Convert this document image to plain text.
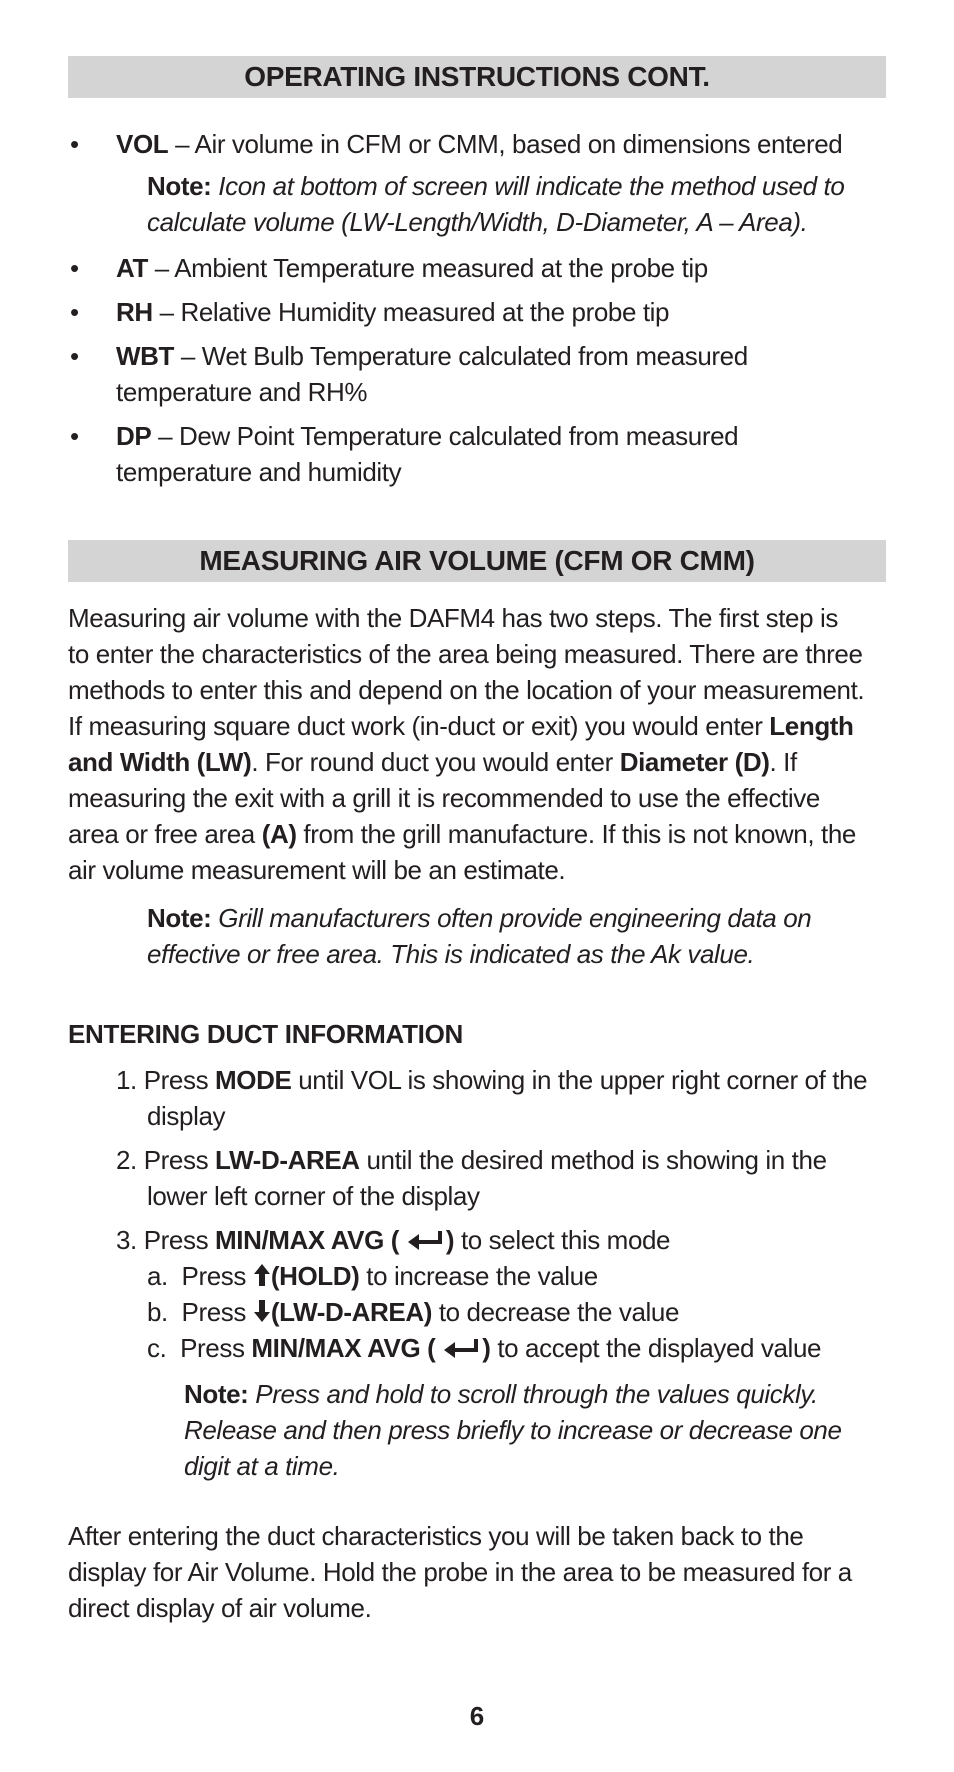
OPERATING INSTRUCTIONS CONT.
• VOL – Air volume in CFM or CMM, based on dimensions entered
Note: Icon at bottom of screen will indicate the method used to
calculate volume (LW-Length/Width, D-Diameter, A – Area).
• AT – Ambient Temperature measured at the probe tip
• RH – Relative Humidity measured at the probe tip
• WBT – Wet Bulb Temperature calculated from measured
temperature and RH%
• DP – Dew Point Temperature calculated from measured
temperature and humidity
MEASURING AIR VOLUME (CFM OR CMM)
Measuring air volume with the DAFM4 has two steps. The first step is
to enter the characteristics of the area being measured. There are three
methods to enter this and depend on the location of your measurement.
If measuring square duct work (in-duct or exit) you would enter Length
and Width (LW). For round duct you would enter Diameter (D). If
measuring the exit with a grill it is recommended to use the effective
area or free area (A) from the grill manufacture. If this is not known, the
air volume measurement will be an estimate.
Note: Grill manufacturers often provide engineering data on
effective or free area. This is indicated as the Ak value.
ENTERING DUCT INFORMATION
1. Press MODE until VOL is showing in the upper right corner of the
display
2. Press LW-D-AREA until the desired method is showing in the
lower left corner of the display
3. Press MIN/MAX AVG ( ) to select this mode
a. Press (HOLD) to increase the value
b. Press (LW-D-AREA) to decrease the value
c. Press MIN/MAX AVG ( ) to accept the displayed value
Note: Press and hold to scroll through the values quickly.
Release and then press briefly to increase or decrease one
digit at a time.
After entering the duct characteristics you will be taken back to the
display for Air Volume. Hold the probe in the area to be measured for a
direct display of air volume.
6
